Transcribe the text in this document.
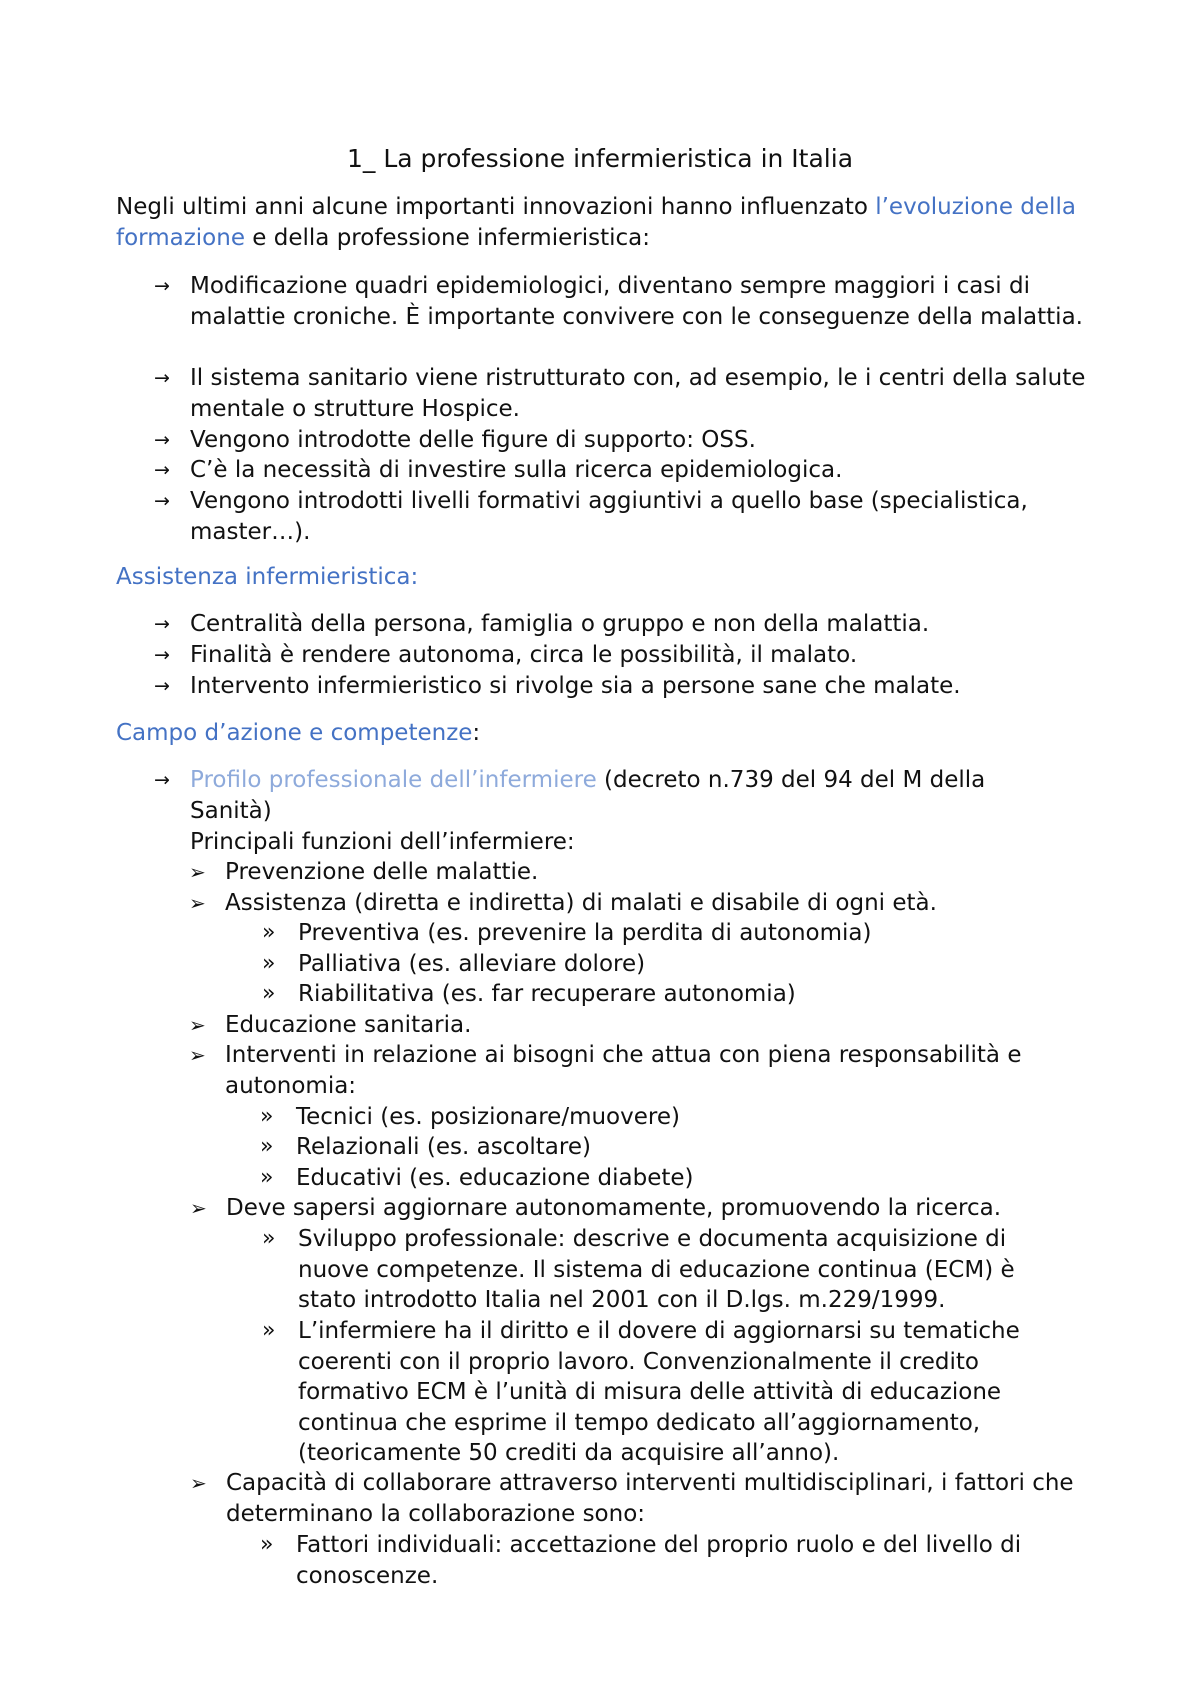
1_ La professione infermieristica in Italia
Negli ultimi anni alcune importanti innovazioni hanno influenzato l’evoluzione della formazione e della professione infermieristica:
→ Modificazione quadri epidemiologici, diventano sempre maggiori i casi di malattie croniche. È importante convivere con le conseguenze della malattia.
→ Il sistema sanitario viene ristrutturato con, ad esempio, le i centri della salute mentale o strutture Hospice.
→ Vengono introdotte delle figure di supporto: OSS.
→ C’è la necessità di investire sulla ricerca epidemiologica.
→ Vengono introdotti livelli formativi aggiuntivi a quello base (specialistica, master…).
Assistenza infermieristica:
→ Centralità della persona, famiglia o gruppo e non della malattia.
→ Finalità è rendere autonoma, circa le possibilità, il malato.
→ Intervento infermieristico si rivolge sia a persone sane che malate.
Campo d’azione e competenze:
→ Profilo professionale dell’infermiere (decreto n.739 del 94 del M della Sanità)
Principali funzioni dell’infermiere:
➢ Prevenzione delle malattie.
➢ Assistenza (diretta e indiretta) di malati e disabile di ogni età.
» Preventiva (es. prevenire la perdita di autonomia)
» Palliativa (es. alleviare dolore)
» Riabilitativa (es. far recuperare autonomia)
➢ Educazione sanitaria.
➢ Interventi in relazione ai bisogni che attua con piena responsabilità e autonomia:
» Tecnici (es. posizionare/muovere)
» Relazionali (es. ascoltare)
» Educativi (es. educazione diabete)
➢ Deve sapersi aggiornare autonomamente, promuovendo la ricerca.
» Sviluppo professionale: descrive e documenta acquisizione di nuove competenze. Il sistema di educazione continua (ECM) è stato introdotto Italia nel 2001 con il D.lgs. m.229/1999.
» L’infermiere ha il diritto e il dovere di aggiornarsi su tematiche coerenti con il proprio lavoro. Convenzionalmente il credito formativo ECM è l’unità di misura delle attività di educazione continua che esprime il tempo dedicato all’aggiornamento, (teoricamente 50 crediti da acquisire all’anno).
➢ Capacità di collaborare attraverso interventi multidisciplinari, i fattori che determinano la collaborazione sono:
» Fattori individuali: accettazione del proprio ruolo e del livello di conoscenze.
